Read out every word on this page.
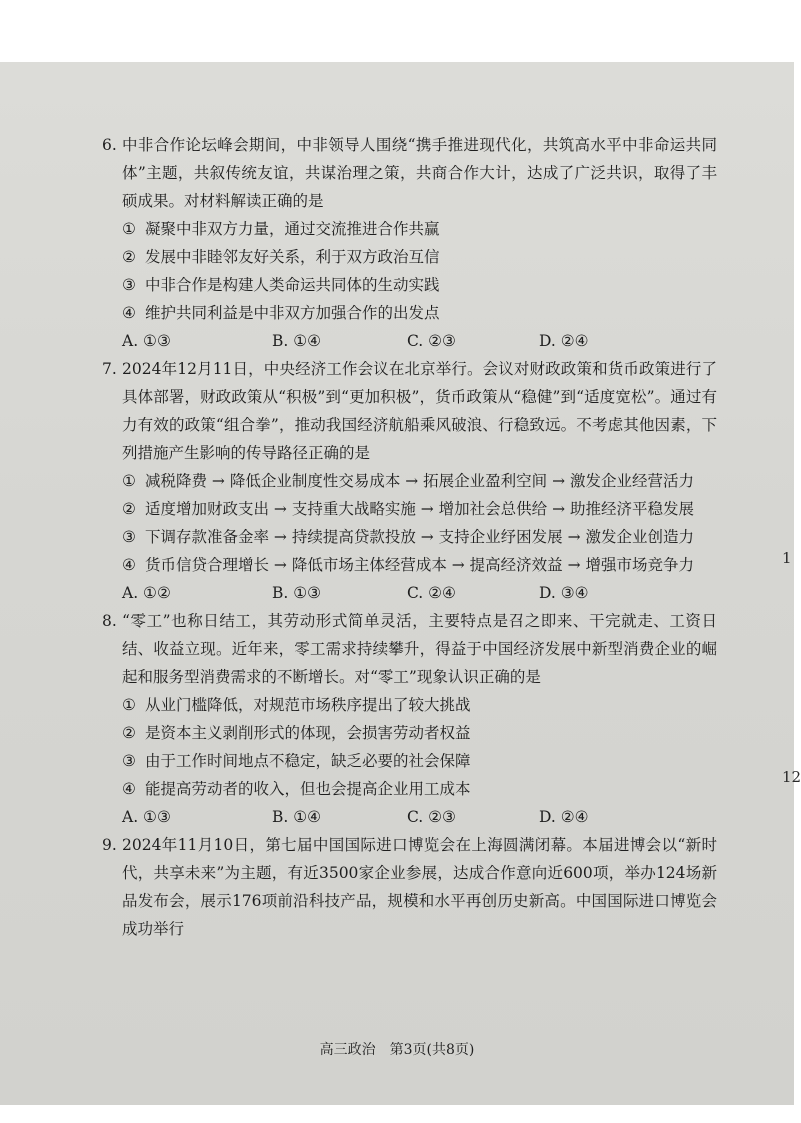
6. 中非合作论坛峰会期间，中非领导人围绕“携手推进现代化，共筑高水平中非命运共同体”主题，共叙传统友谊，共谋治理之策，共商合作大计，达成了广泛共识，取得了丰硕成果。对材料解读正确的是
① 凝聚中非双方力量，通过交流推进合作共赢
② 发展中非睦邻友好关系，利于双方政治互信
③ 中非合作是构建人类命运共同体的生动实践
④ 维护共同利益是中非双方加强合作的出发点
A. ①③	B. ①④	C. ②③	D. ②④
7. 2024年12月11日，中央经济工作会议在北京举行。会议对财政政策和货币政策进行了具体部署，财政政策从“积极”到“更加积极”，货币政策从“稳健”到“适度宽松”。通过有力有效的政策“组合拳”，推动我国经济航船乘风破浪、行稳致远。不考虑其他因素，下列措施产生影响的传导路径正确的是
① 减税降费 → 降低企业制度性交易成本 → 拓展企业盈利空间 → 激发企业经营活力
② 适度增加财政支出 → 支持重大战略实施 → 增加社会总供给 → 助推经济平稳发展
③ 下调存款准备金率 → 持续提高贷款投放 → 支持企业纾困发展 → 激发企业创造力
④ 货币信贷合理增长 → 降低市场主体经营成本 → 提高经济效益 → 增强市场竞争力
A. ①②	B. ①③	C. ②④	D. ③④
8. “零工”也称日结工，其劳动形式简单灵活，主要特点是召之即来、干完就走、工资日结、收益立现。近年来，零工需求持续攀升，得益于中国经济发展中新型消费企业的崛起和服务型消费需求的不断增长。对“零工”现象认识正确的是
① 从业门槛降低，对规范市场秩序提出了较大挑战
② 是资本主义剥削形式的体现，会损害劳动者权益
③ 由于工作时间地点不稳定，缺乏必要的社会保障
④ 能提高劳动者的收入，但也会提高企业用工成本
A. ①③	B. ①④	C. ②③	D. ②④
9. 2024年11月10日，第七届中国国际进口博览会在上海圆满闭幕。本届进博会以“新时代，共享未来”为主题，有近3500家企业参展，达成合作意向近600项，举办124场新品发布会，展示176项前沿科技产品，规模和水平再创历史新高。中国国际进口博览会成功举行
高三政治　第3页(共8页)
1
12
